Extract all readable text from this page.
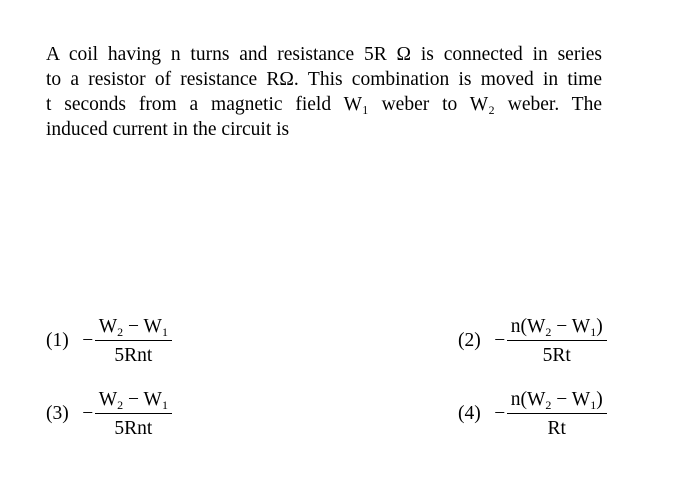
A coil having n turns and resistance 5R Ω is connected in series
to a resistor of resistance RΩ. This combination is moved in time
t seconds from a magnetic field W₁ weber to W₂ weber. The
induced current in the circuit is
$(1) - \frac{W_2 - W_1}{\text{5Rnt}}$	$(2) - \frac{n(W_2 - W_1)}{5Rt}$
$(3) - \frac{W_2 - W_1}{\text{5Rnt}}$	$(4) - \frac{n(W_2 - W_1)}{Rt}$
